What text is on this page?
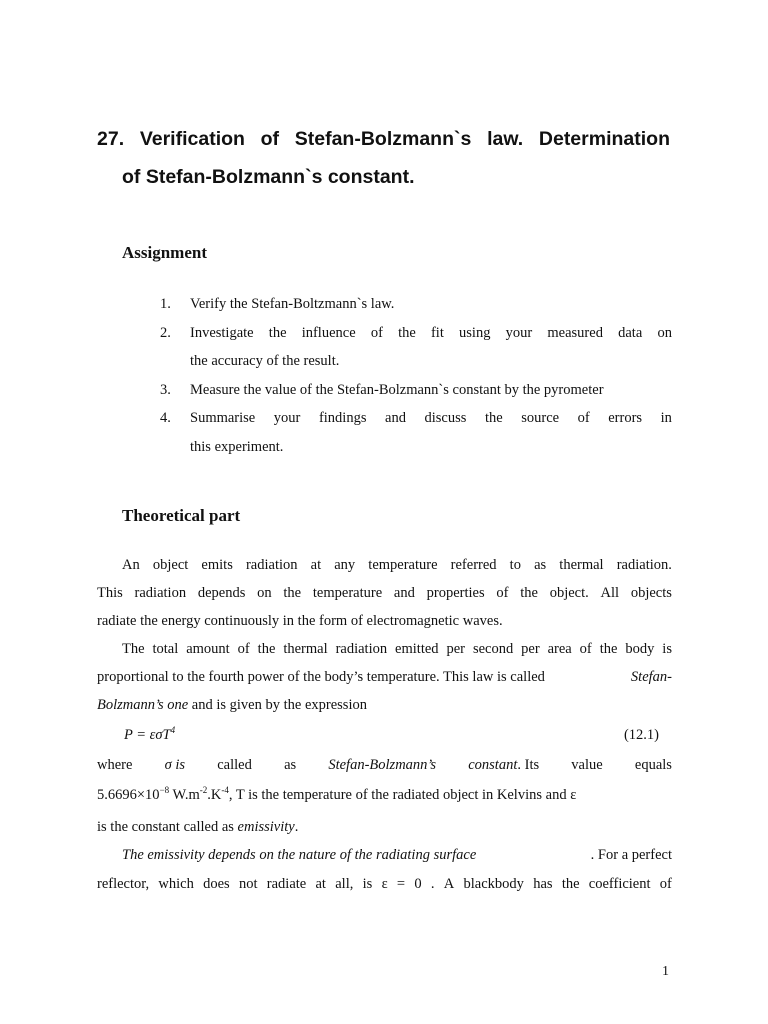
27. Verification of Stefan-Bolzmann`s law. Determination
of Stefan-Bolzmann`s constant.
Assignment
1.	Verify the Stefan-Boltzmann`s law.
2.	Investigate the influence of the fit using your measured data on
the accuracy of the result.
3.	Measure the value of the Stefan-Bolzmann`s constant by the pyrometer
4.	Summarise your findings and discuss the source of errors in
this experiment.
Theoretical part
An object emits radiation at any temperature referred to as thermal radiation.
This radiation depends on the temperature and properties of the object. All objects
radiate the energy continuously in the form of electromagnetic waves.
The total amount of the thermal radiation emitted per second per area of the body is
proportional to the fourth power of the body’s temperature. This law is called	Stefan-
Bolzmann’s one and is given by the expression
P = εσT$^4$	(12.1)
where σ is called as Stefan-Bolzmann’s constant. Its value equals
$5.6696\times 10^{-8}$ $W.m^{-2}.K^{-4}$, T is the temperature of the radiated object in Kelvins and ε
is the constant called as emissivity.
The emissivity depends on the nature of the radiating surface	. For a perfect
reflector, which does not radiate at all, is ε = 0 . A blackbody has the coefficient of
1
